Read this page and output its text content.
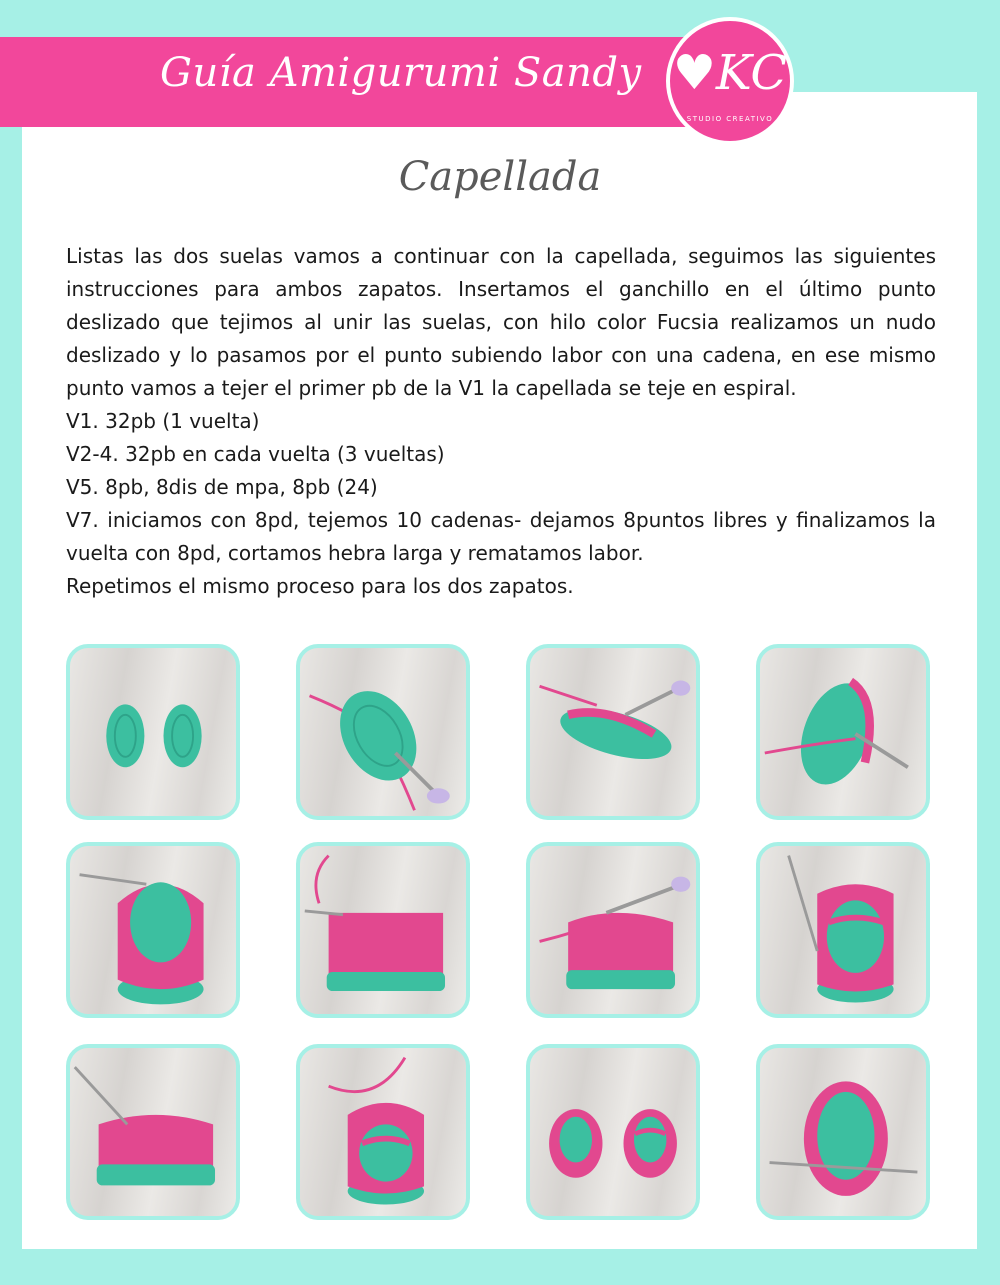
Guía Amigurumi Sandy ♥KC
STUDIO CREATIVO
Capellada

Listas las dos suelas vamos a continuar con la capellada, seguimos las siguientes instrucciones para ambos zapatos. Insertamos el ganchillo en el último punto deslizado que tejimos al unir las suelas, con hilo color Fucsia realizamos un nudo deslizado y lo pasamos por el punto subiendo labor con una cadena, en ese mismo punto vamos a tejer el primer pb de la V1 la capellada se teje en espiral.

V1. 32pb (1 vuelta)

V2-4. 32pb en cada vuelta (3 vueltas)

V5. 8pb, 8dis de mpa, 8pb (24)

V7. iniciamos con 8pd, tejemos 10 cadenas- dejamos 8puntos libres y finalizamos la vuelta con 8pd, cortamos hebra larga y rematamos labor.

Repetimos el mismo proceso para los dos zapatos.
